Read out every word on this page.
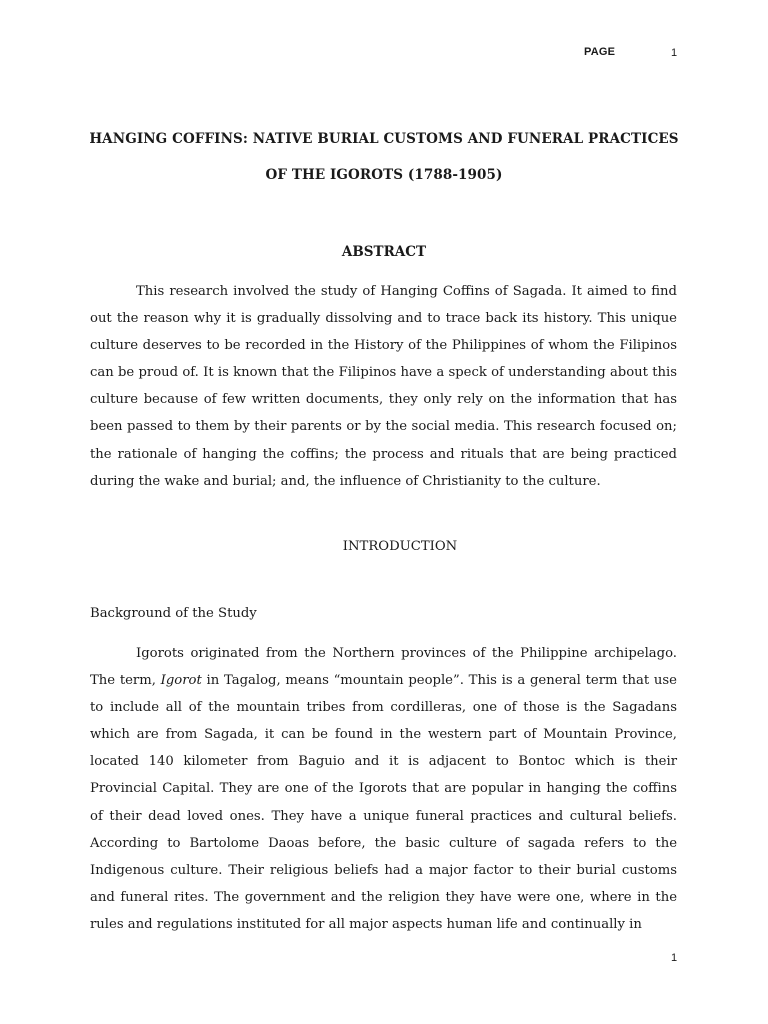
PAGE	1
HANGING COFFINS: NATIVE BURIAL CUSTOMS AND FUNERAL PRACTICES
OF THE IGOROTS (1788-1905)
ABSTRACT

This research involved the study of Hanging Coffins of Sagada. It aimed to find out the reason why it is gradually dissolving and to trace back its history. This unique culture deserves to be recorded in the History of the Philippines of whom the Filipinos can be proud of. It is known that the Filipinos have a speck of understanding about this culture because of few written documents, they only rely on the information that has been passed to them by their parents or by the social media. This research focused on; the rationale of hanging the coffins; the process and rituals that are being practiced during the wake and burial; and, the influence of Christianity to the culture.

INTRODUCTION
Background of the Study

Igorots originated from the Northern provinces of the Philippine archipelago. The term, Igorot in Tagalog, means “mountain people”. This is a general term that use to include all of the mountain tribes from cordilleras, one of those is the Sagadans which are from Sagada, it can be found in the western part of Mountain Province, located 140 kilometer from Baguio and it is adjacent to Bontoc which is their Provincial Capital. They are one of the Igorots that are popular in hanging the coffins of their dead loved ones. They have a unique funeral practices and cultural beliefs. According to Bartolome Daoas before, the basic culture of sagada refers to the Indigenous culture. Their religious beliefs had a major factor to their burial customs and funeral rites. The government and the religion they have were one, where in the rules and regulations instituted for all major aspects human life and continually in

1
